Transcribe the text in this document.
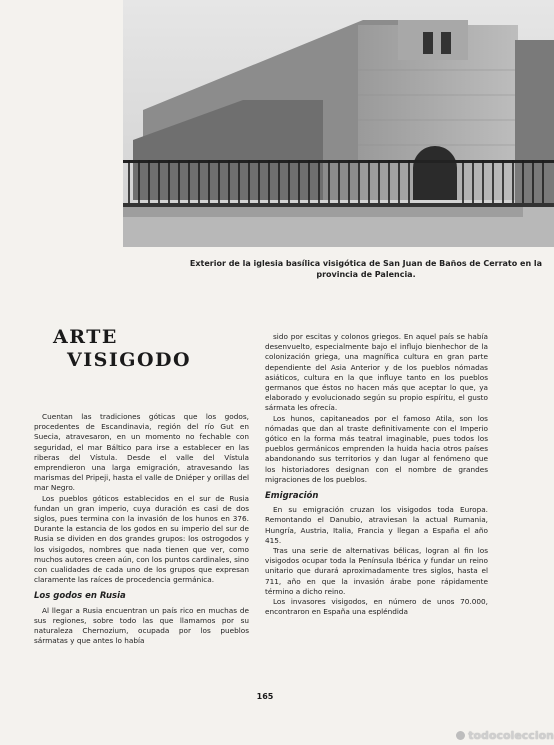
Exterior de la iglesia basílica visigótica de San Juan de Baños de Cerrato en la provincia de Palencia.
ARTE
VISIGODO

Cuentan las tradiciones góticas que los godos, procedentes de Escandinavia, región del río Gut en Suecia, atravesaron, en un momento no fechable con seguridad, el mar Báltico para irse a establecer en las riberas del Vístula. Desde el valle del Vístula emprendieron una larga emigración, atravesando las marismas del Pripeji, hasta el valle de Dniéper y orillas del mar Negro.

Los pueblos góticos establecidos en el sur de Rusia fundan un gran imperio, cuya duración es casi de dos siglos, pues termina con la invasión de los hunos en 376. Durante la estancia de los godos en su imperio del sur de Rusia se dividen en dos grandes grupos: los ostrogodos y los visigodos, nombres que nada tienen que ver, como muchos autores creen aún, con los puntos cardinales, sino con cualidades de cada uno de los grupos que expresan claramente las raíces de procedencia germánica.

Los godos en Rusia

Al llegar a Rusia encuentran un país rico en muchas de sus regiones, sobre todo las que llamamos por su naturaleza Chernozium, ocupada por los pueblos sármatas y que antes lo había

sido por escitas y colonos griegos. En aquel país se había desenvuelto, especialmente bajo el influjo bienhechor de la colonización griega, una magnífica cultura en gran parte dependiente del Asia Anterior y de los pueblos nómadas asiáticos, cultura en la que influye tanto en los pueblos germanos que éstos no hacen más que aceptar lo que, ya elaborado y evolucionado según su propio espíritu, el gusto sármata les ofrecía.

Los hunos, capitaneados por el famoso Atila, son los nómadas que dan al traste definitivamente con el Imperio gótico en la forma más teatral imaginable, pues todos los pueblos germánicos emprenden la huida hacia otros países abandonando sus territorios y dan lugar al fenómeno que los historiadores designan con el nombre de grandes migraciones de los pueblos.

Emigración

En su emigración cruzan los visigodos toda Europa. Remontando el Danubio, atraviesan la actual Rumania, Hungría, Austria, Italia, Francia y llegan a España el año 415.

Tras una serie de alternativas bélicas, logran al fin los visigodos ocupar toda la Península Ibérica y fundar un reino unitario que durará aproximadamente tres siglos, hasta el 711, año en que la invasión árabe pone rápidamente término a dicho reino.

Los invasores visigodos, en número de unos 70.000, encontraron en España una espléndida

165
todocoleccion
